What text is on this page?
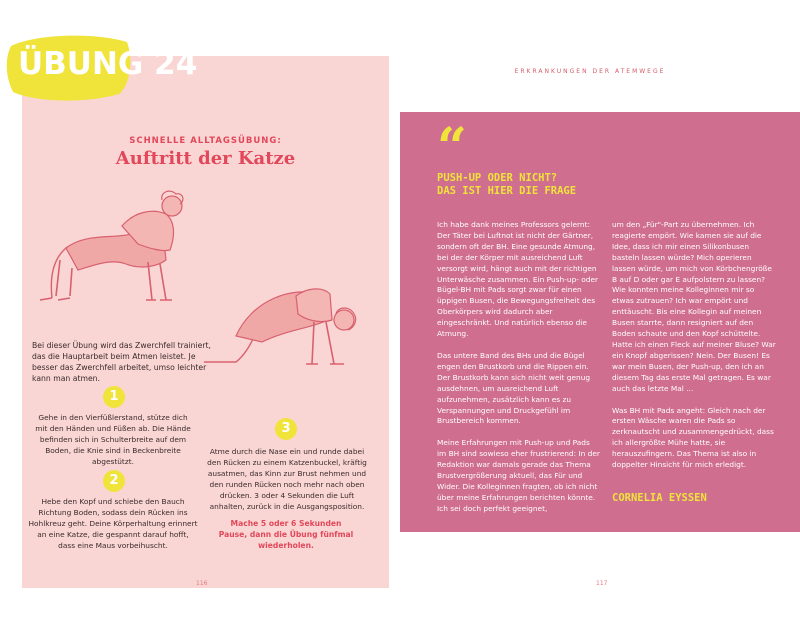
ÜBUNG 24
SCHNELLE ALLTAGSÜBUNG:
Auftritt der Katze
Bei dieser Übung wird das Zwerchfell trainiert, das die Hauptarbeit beim Atmen leistet. Je besser das Zwerchfell arbeitet, umso leichter kann man atmen.
1
Gehe in den Vierfüßlerstand, stütze dich mit den Händen und Füßen ab. Die Hände befinden sich in Schulterbreite auf dem Boden, die Knie sind in Beckenbreite abgestützt.
2
Hebe den Kopf und schiebe den Bauch Richtung Boden, sodass dein Rücken ins Hohlkreuz geht. Deine Körperhaltung erinnert an eine Katze, die gespannt darauf hofft, dass eine Maus vorbeihuscht.
3
Atme durch die Nase ein und runde dabei den Rücken zu einem Katzenbuckel, kräftig ausatmen, das Kinn zur Brust nehmen und den runden Rücken noch mehr nach oben drücken. 3 oder 4 Sekunden die Luft anhalten, zurück in die Ausgangsposition.
Mache 5 oder 6 Sekunden Pause, dann die Übung fünfmal wiederholen.
116
ERKRANKUNGEN DER ATEMWEGE
“
PUSH-UP ODER NICHT?
DAS IST HIER DIE FRAGE

Ich habe dank meines Professors gelernt: Der Täter bei Luftnot ist nicht der Gärtner, sondern oft der BH. Eine gesunde Atmung, bei der der Körper mit ausreichend Luft versorgt wird, hängt auch mit der richtigen Unterwäsche zusammen. Ein Push-up- oder Bügel-BH mit Pads sorgt zwar für einen üppigen Busen, die Bewegungsfreiheit des Oberkörpers wird dadurch aber eingeschränkt. Und natürlich ebenso die Atmung.

Das untere Band des BHs und die Bügel engen den Brustkorb und die Rippen ein. Der Brustkorb kann sich nicht weit genug ausdehnen, um ausreichend Luft aufzunehmen, zusätzlich kann es zu Verspannungen und Druckgefühl im Brustbereich kommen.

Meine Erfahrungen mit Push-up und Pads im BH sind sowieso eher frustrierend: In der Redaktion war damals gerade das Thema Brustvergrößerung aktuell, das Für und Wider. Die Kolleginnen fragten, ob ich nicht über meine Erfahrungen berichten könnte. Ich sei doch perfekt geeignet,

um den „Für"-Part zu übernehmen. Ich reagierte empört. Wie kamen sie auf die Idee, dass ich mir einen Silikonbusen basteln lassen würde? Mich operieren lassen würde, um mich von Körbchengröße B auf D oder gar E aufpolstern zu lassen? Wie konnten meine Kolleginnen mir so etwas zutrauen? Ich war empört und enttäuscht. Bis eine Kollegin auf meinen Busen starrte, dann resigniert auf den Boden schaute und den Kopf schüttelte. Hatte ich einen Fleck auf meiner Bluse? War ein Knopf abgerissen? Nein. Der Busen! Es war mein Busen, der Push-up, den ich an diesem Tag das erste Mal getragen. Es war auch das letzte Mal ...

Was BH mit Pads angeht: Gleich nach der ersten Wäsche waren die Pads so zerknautscht und zusammengedrückt, dass ich allergrößte Mühe hatte, sie herauszufingern. Das Thema ist also in doppelter Hinsicht für mich erledigt.

CORNELIA EYSSEN
117
